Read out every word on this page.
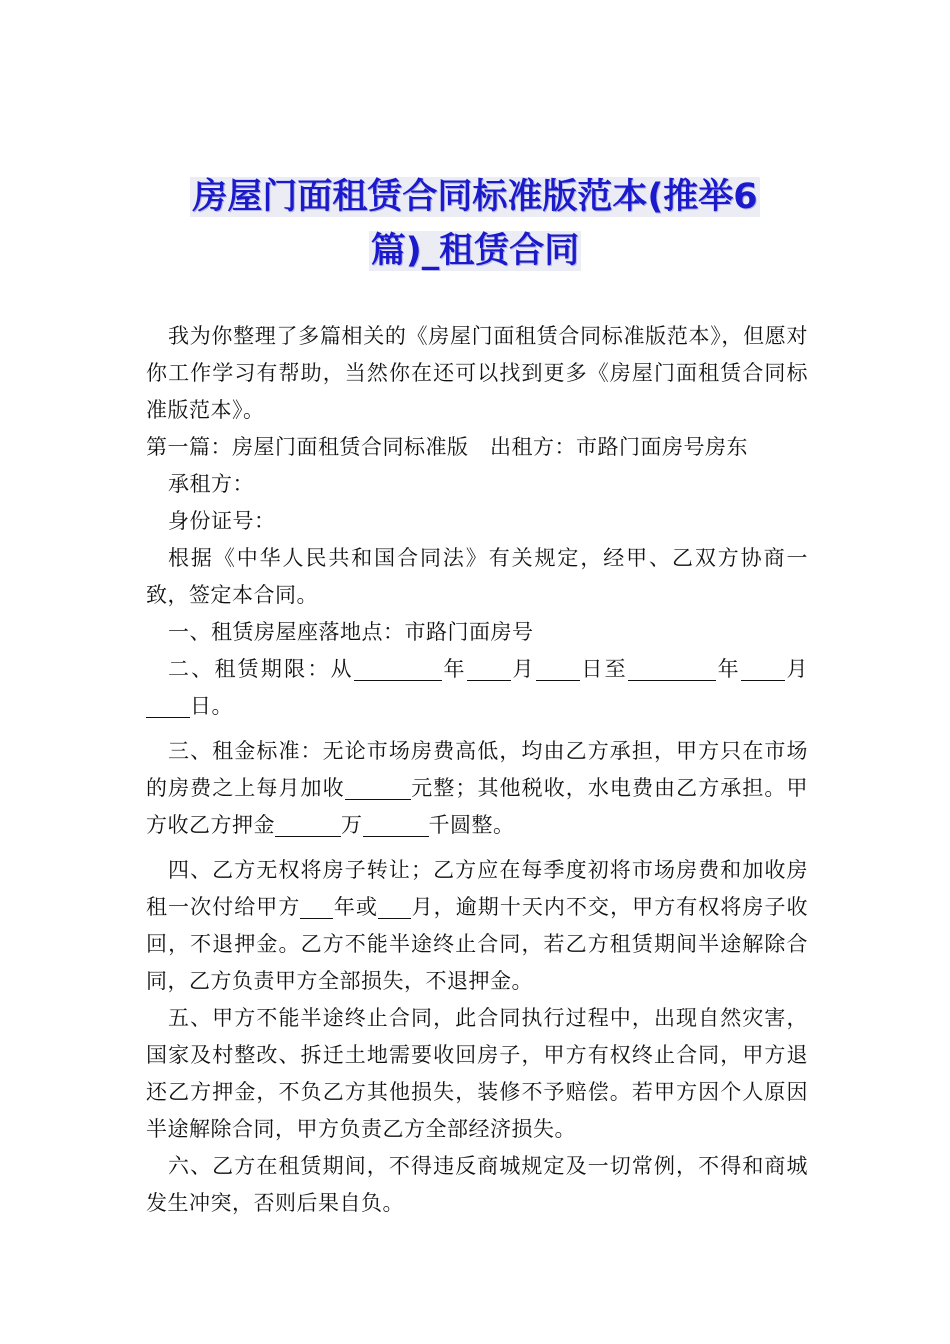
房屋门面租赁合同标准版范本(推举6
篇)_租赁合同

我为你整理了多篇相关的《房屋门面租赁合同标准版范本》，但愿对你工作学习有帮助，当然你在还可以找到更多《房屋门面租赁合同标准版范本》。

第一篇：房屋门面租赁合同标准版　出租方：市路门面房号房东

承租方：

身份证号：

根据《中华人民共和国合同法》有关规定，经甲、乙双方协商一致，签定本合同。

一、租赁房屋座落地点：市路门面房号

二、租赁期限：从	年 月 日至	年 月日。

三、租金标准：无论市场房费高低，均由乙方承担，甲方只在市场的房费之上每月加收	元整；其他税收，水电费由乙方承担。甲方收乙方押金	万	千圆整。

四、乙方无权将房子转让；乙方应在每季度初将市场房费和加收房租一次付给甲方 年或 月，逾期十天内不交，甲方有权将房子收回，不退押金。乙方不能半途终止合同，若乙方租赁期间半途解除合同，乙方负责甲方全部损失，不退押金。

五、甲方不能半途终止合同，此合同执行过程中，出现自然灾害，国家及村整改、拆迁土地需要收回房子，甲方有权终止合同，甲方退还乙方押金，不负乙方其他损失，装修不予赔偿。若甲方因个人原因半途解除合同，甲方负责乙方全部经济损失。

六、乙方在租赁期间，不得违反商城规定及一切常例，不得和商城发生冲突，否则后果自负。
